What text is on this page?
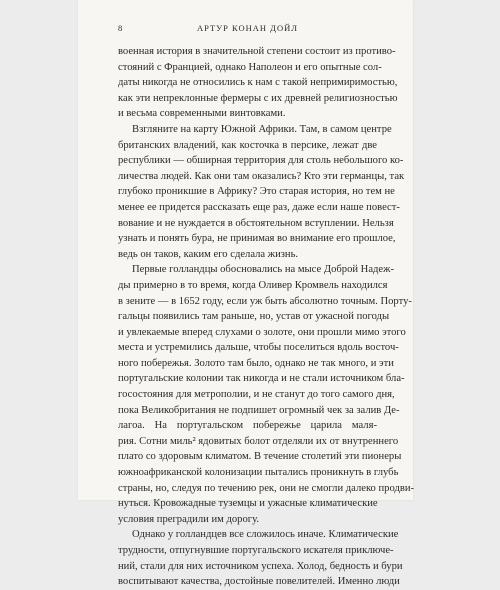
8	АРТУР КОНАН ДОЙЛ
военная история в значительной степени состоит из противо-
стояний с Францией, однако Наполеон и его опытные сол-
даты никогда не относились к нам с такой непримиримостью,
как эти непреклонные фермеры с их древней религиозностью
и весьма современными винтовками.
Взгляните на карту Южной Африки. Там, в самом центре
британских владений, как косточка в персике, лежат две
республики — обширная территория для столь небольшого ко-
личества людей. Как они там оказались? Кто эти германцы, так
глубоко проникшие в Африку? Это старая история, но тем не
менее ее придется рассказать еще раз, даже если наше повест-
вование и не нуждается в обстоятельном вступлении. Нельзя
узнать и понять бура, не принимая во внимание его прошлое,
ведь он таков, каким его сделала жизнь.
Первые голландцы обосновались на мысе Доброй Надеж-
ды примерно в то время, когда Оливер Кромвель находился
в зените — в 1652 году, если уж быть абсолютно точным. Порту-
гальцы появились там раньше, но, устав от ужасной погоды
и увлекаемые вперед слухами о золоте, они прошли мимо этого
места и устремились дальше, чтобы поселиться вдоль восточ-
ного побережья. Золото там было, однако не так много, и эти
португальские колонии так никогда и не стали источником бла-
госостояния для метрополии, и не станут до того самого дня,
пока Великобритания не подпишет огромный чек за залив Де-
лагоа. На португальском побережье царила маля-
рия. Сотни миль² ядовитых болот отделяли их от внутреннего
плато со здоровым климатом. В течение столетий эти пионеры
южноафриканской колонизации пытались проникнуть в глубь
страны, но, следуя по течению рек, они не смогли далеко продви-
нуться. Кровожадные туземцы и ужасные климатические
условия преградили им дорогу.
Однако у голландцев все сложилось иначе. Климатические
трудности, отпугнувшие португальского искателя приключе-
ний, стали для них источником успеха. Холод, бедность и бури
воспитывают качества, достойные повелителей. Именно люди
